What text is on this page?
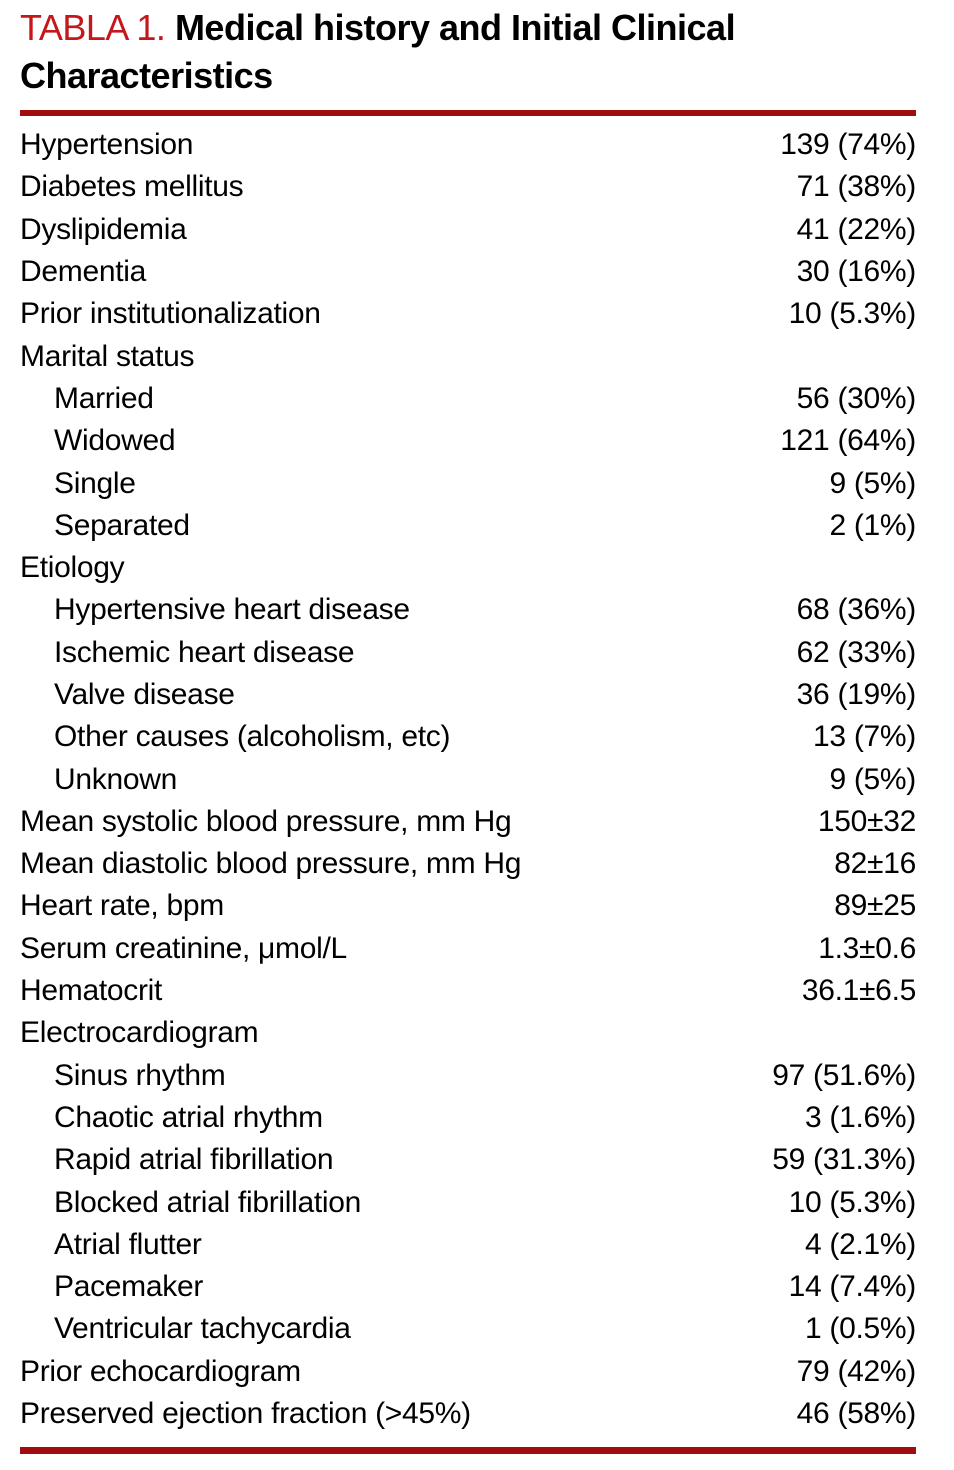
TABLA 1. Medical history and Initial Clinical Characteristics
Hypertension	139 (74%)
Diabetes mellitus	71 (38%)
Dyslipidemia	41 (22%)
Dementia	30 (16%)
Prior institutionalization	10 (5.3%)
Marital status
Married	56 (30%)
Widowed	121 (64%)
Single	9 (5%)
Separated	2 (1%)
Etiology
Hypertensive heart disease	68 (36%)
Ischemic heart disease	62 (33%)
Valve disease	36 (19%)
Other causes (alcoholism, etc)	13 (7%)
Unknown	9 (5%)
Mean systolic blood pressure, mm Hg	150±32
Mean diastolic blood pressure, mm Hg	82±16
Heart rate, bpm	89±25
Serum creatinine, μmol/L	1.3±0.6
Hematocrit	36.1±6.5
Electrocardiogram
Sinus rhythm	97 (51.6%)
Chaotic atrial rhythm	3 (1.6%)
Rapid atrial fibrillation	59 (31.3%)
Blocked atrial fibrillation	10 (5.3%)
Atrial flutter	4 (2.1%)
Pacemaker	14 (7.4%)
Ventricular tachycardia	1 (0.5%)
Prior echocardiogram	79 (42%)
Preserved ejection fraction (>45%)	46 (58%)
